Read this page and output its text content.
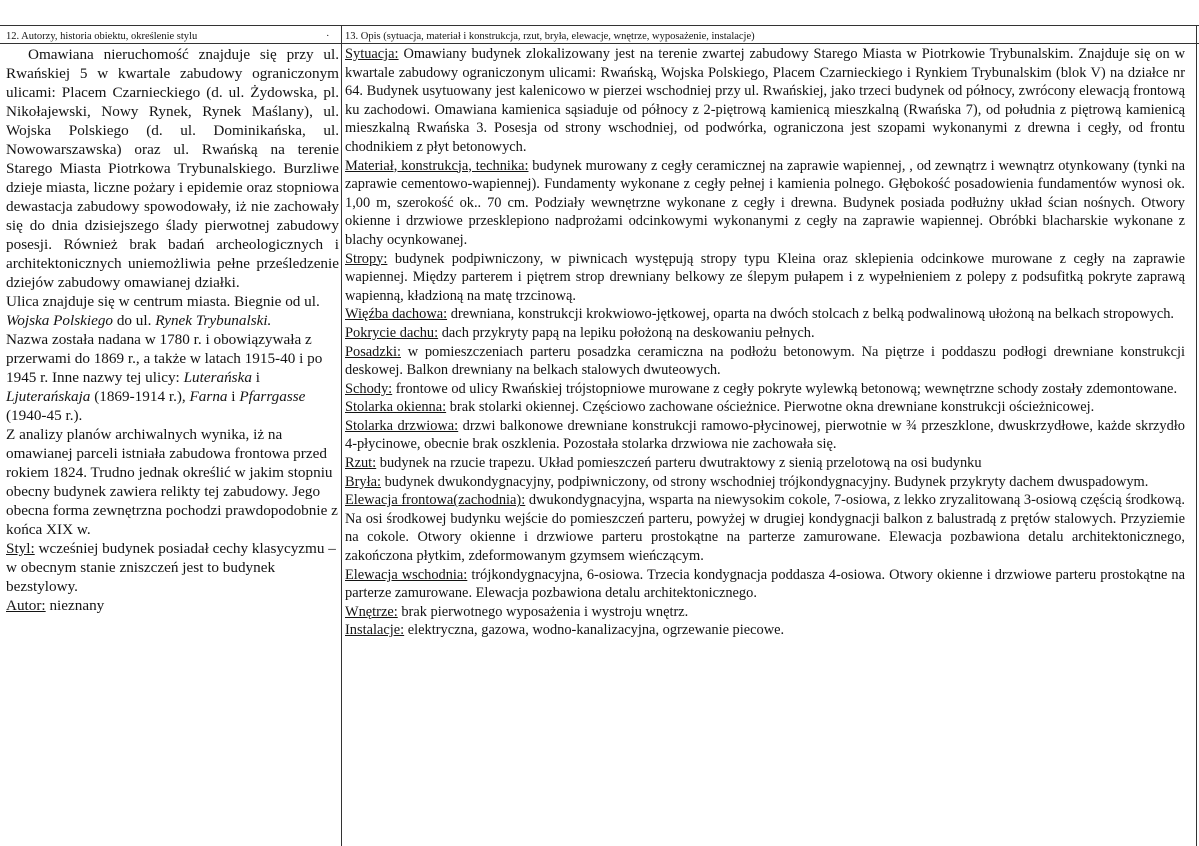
12. Autorzy, historia obiektu, określenie stylu	· 13. Opis (sytuacja, materiał i konstrukcja, rzut, bryła, elewacje, wnętrze, wyposażenie, instalacje)

Omawiana nieruchomość znajduje się przy ul. Rwańskiej 5 w kwartale zabudowy ograniczonym ulicami: Placem Czarnieckiego (d. ul. Żydowska, pl. Nikołajewski, Nowy Rynek, Rynek Maślany), ul. Wojska Polskiego (d. ul. Dominikańska, ul. Nowowarszawska) oraz ul. Rwańską na terenie Starego Miasta Piotrkowa Trybunalskiego. Burzliwe dzieje miasta, liczne pożary i epidemie oraz stopniowa dewastacja zabudowy spowodowały, iż nie zachowały się do dnia dzisiejszego ślady pierwotnej zabudowy posesji. Również brak badań archeologicznych i architektonicznych uniemożliwia pełne prześledzenie dziejów zabudowy omawianej działki.

Ulica znajduje się w centrum miasta. Biegnie od ul. Wojska Polskiego do ul. Rynek Trybunalski.

Nazwa została nadana w 1780 r. i obowiązywała z przerwami do 1869 r., a także w latach 1915-40 i po 1945 r. Inne nazwy tej ulicy: Luterańska i Ljuterańskaja (1869-1914 r.), Farna i Pfarrgasse (1940-45 r.).

Z analizy planów archiwalnych wynika, iż na omawianej parceli istniała zabudowa frontowa przed rokiem 1824. Trudno jednak określić w jakim stopniu obecny budynek zawiera relikty tej zabudowy. Jego obecna forma zewnętrzna pochodzi prawdopodobnie z końca XIX w.

Styl: wcześniej budynek posiadał cechy klasycyzmu – w obecnym stanie zniszczeń jest to budynek bezstylowy.

Autor: nieznany

Sytuacja: Omawiany budynek zlokalizowany jest na terenie zwartej zabudowy Starego Miasta w Piotrkowie Trybunalskim. Znajduje się on w kwartale zabudowy ograniczonym ulicami: Rwańską, Wojska Polskiego, Placem Czarnieckiego i Rynkiem Trybunalskim (blok V) na działce nr 64. Budynek usytuowany jest kalenicowo w pierzei wschodniej przy ul. Rwańskiej, jako trzeci budynek od północy, zwrócony elewacją frontową ku zachodowi. Omawiana kamienica sąsiaduje od północy z 2-piętrową kamienicą mieszkalną (Rwańska 7), od południa z piętrową kamienicą mieszkalną Rwańska 3. Posesja od strony wschodniej, od podwórka, ograniczona jest szopami wykonanymi z drewna i cegły, od frontu chodnikiem z płyt betonowych.

Materiał, konstrukcja, technika: budynek murowany z cegły ceramicznej na zaprawie wapiennej, , od zewnątrz i wewnątrz otynkowany (tynki na zaprawie cementowo-wapiennej). Fundamenty wykonane z cegły pełnej i kamienia polnego. Głębokość posadowienia fundamentów wynosi ok. 1,00 m, szerokość ok.. 70 cm. Podziały wewnętrzne wykonane z cegły i drewna. Budynek posiada podłużny układ ścian nośnych. Otwory okienne i drzwiowe przesklepiono nadprożami odcinkowymi wykonanymi z cegły na zaprawie wapiennej. Obróbki blacharskie wykonane z blachy ocynkowanej.

Stropy: budynek podpiwniczony, w piwnicach występują stropy typu Kleina oraz sklepienia odcinkowe murowane z cegły na zaprawie wapiennej. Między parterem i piętrem strop drewniany belkowy ze ślepym pułapem i z wypełnieniem z polepy z podsufitką pokryte zaprawą wapienną, kładzioną na matę trzcinową.

Więźba dachowa: drewniana, konstrukcji krokwiowo-jętkowej, oparta na dwóch stolcach z belką podwalinową ułożoną na belkach stropowych.

Pokrycie dachu: dach przykryty papą na lepiku położoną na deskowaniu pełnych.

Posadzki: w pomieszczeniach parteru posadzka ceramiczna na podłożu betonowym. Na piętrze i poddaszu podłogi drewniane konstrukcji deskowej. Balkon drewniany na belkach stalowych dwuteowych.

Schody: frontowe od ulicy Rwańskiej trójstopniowe murowane z cegły pokryte wylewką betonową; wewnętrzne schody zostały zdemontowane.

Stolarka okienna: brak stolarki okiennej. Częściowo zachowane ościeżnice. Pierwotne okna drewniane konstrukcji ościeżnicowej.

Stolarka drzwiowa: drzwi balkonowe drewniane konstrukcji ramowo-płycinowej, pierwotnie w ¾ przeszklone, dwuskrzydłowe, każde skrzydło 4-płycinowe, obecnie brak oszklenia. Pozostała stolarka drzwiowa nie zachowała się.

Rzut: budynek na rzucie trapezu. Układ pomieszczeń parteru dwutraktowy z sienią przelotową na osi budynku

Bryła: budynek dwukondygnacyjny, podpiwniczony, od strony wschodniej trójkondygnacyjny. Budynek przykryty dachem dwuspadowym.

Elewacja frontowa(zachodnia): dwukondygnacyjna, wsparta na niewysokim cokole, 7-osiowa, z lekko zryzalitowaną 3-osiową częścią środkową. Na osi środkowej budynku wejście do pomieszczeń parteru, powyżej w drugiej kondygnacji balkon z balustradą z prętów stalowych. Przyziemie na cokole. Otwory okienne i drzwiowe parteru prostokątne na parterze zamurowane. Elewacja pozbawiona detalu architektonicznego, zakończona płytkim, zdeformowanym gzymsem wieńczącym.

Elewacja wschodnia: trójkondygnacyjna, 6-osiowa. Trzecia kondygnacja poddasza 4-osiowa. Otwory okienne i drzwiowe parteru prostokątne na parterze zamurowane. Elewacja pozbawiona detalu architektonicznego.

Wnętrze: brak pierwotnego wyposażenia i wystroju wnętrz.

Instalacje: elektryczna, gazowa, wodno-kanalizacyjna, ogrzewanie piecowe.
